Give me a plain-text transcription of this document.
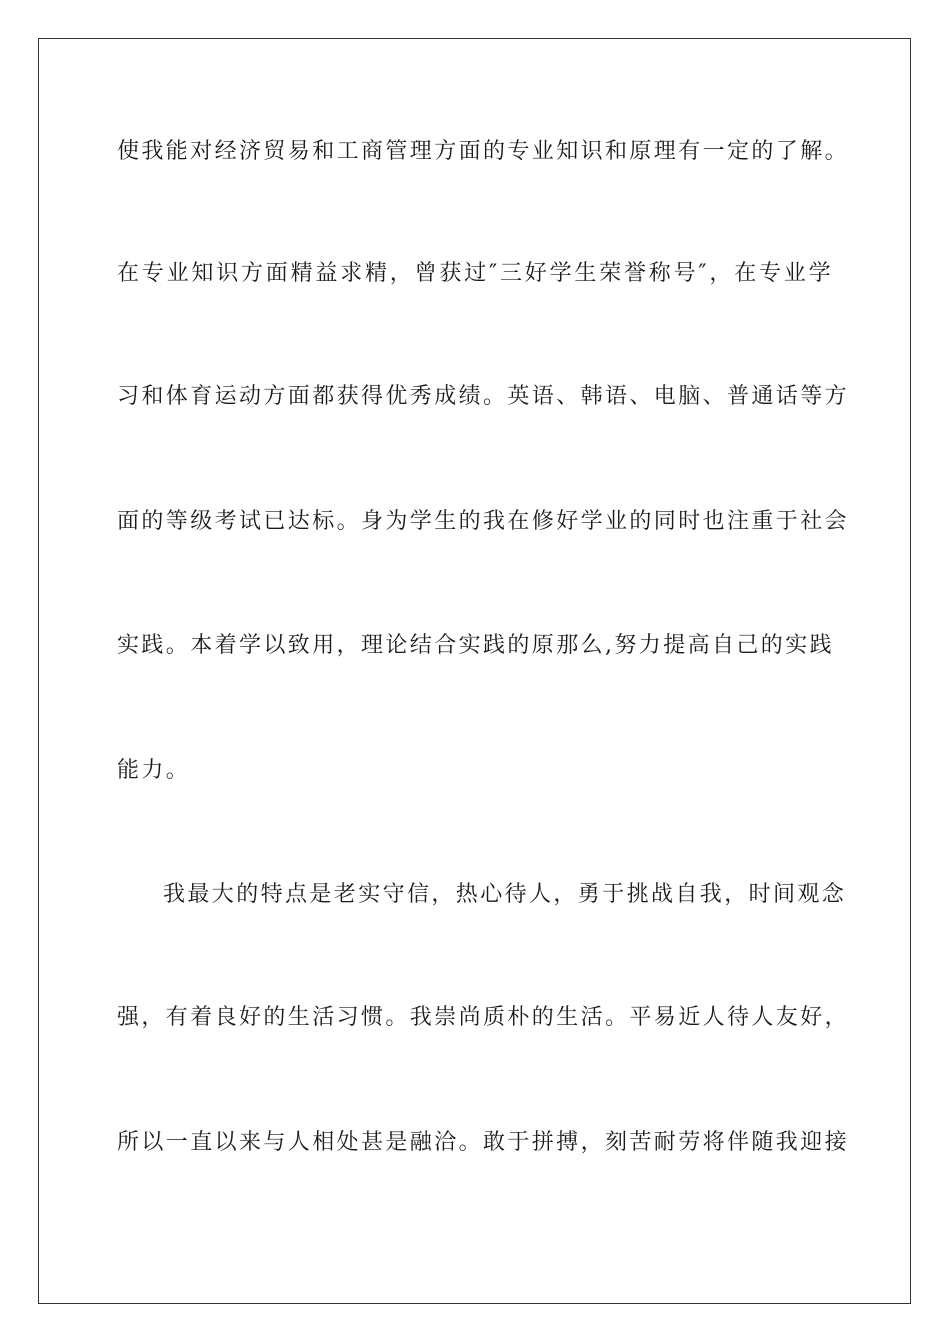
使我能对经济贸易和工商管理方面的专业知识和原理有一定的了解。
在专业知识方面精益求精，曾获过″三好学生荣誉称号″，在专业学
习和体育运动方面都获得优秀成绩。英语、韩语、电脑、普通话等方
面的等级考试已达标。身为学生的我在修好学业的同时也注重于社会
实践。本着学以致用，理论结合实践的原那么,努力提高自己的实践
能力。
我最大的特点是老实守信，热心待人，勇于挑战自我，时间观念
强，有着良好的生活习惯。我崇尚质朴的生活。平易近人待人友好，
所以一直以来与人相处甚是融洽。敢于拼搏，刻苦耐劳将伴随我迎接
